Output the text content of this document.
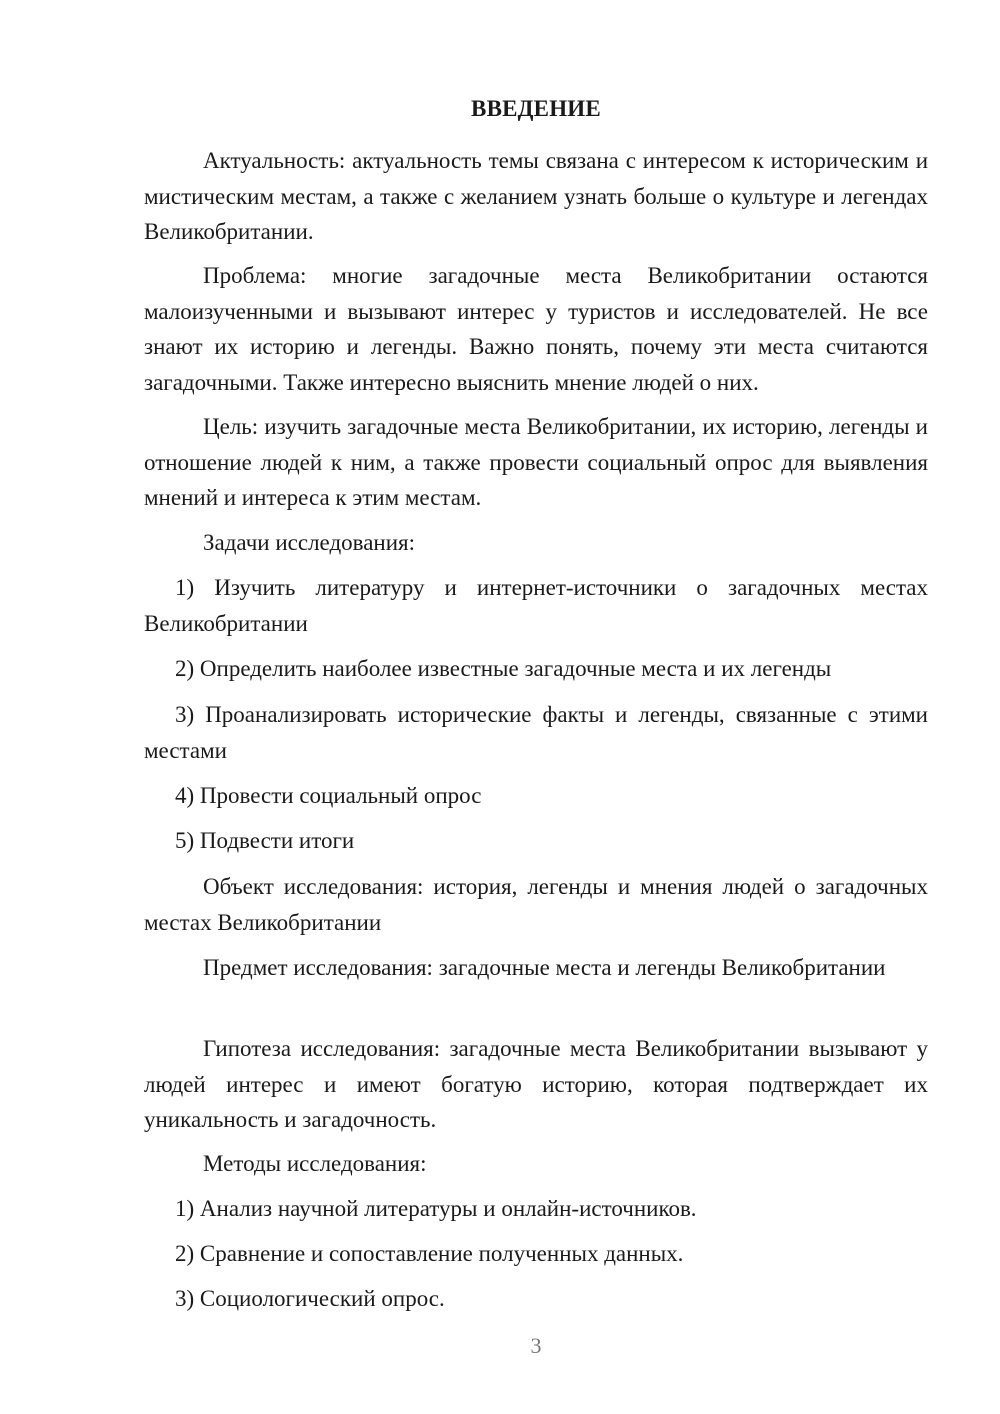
ВВЕДЕНИЕ

Актуальность: актуальность темы связана с интересом к историческим и мистическим местам, а также с желанием узнать больше о культуре и легендах Великобритании.

Проблема: многие загадочные места Великобритании остаются малоизученными и вызывают интерес у туристов и исследователей. Не все знают их историю и легенды. Важно понять, почему эти места считаются загадочными. Также интересно выяснить мнение людей о них.

Цель: изучить загадочные места Великобритании, их историю, легенды и отношение людей к ним, а также провести социальный опрос для выявления мнений и интереса к этим местам.

Задачи исследования:

1) Изучить литературу и интернет-источники о загадочных местах Великобритании

2) Определить наиболее известные загадочные места и их легенды

3) Проанализировать исторические факты и легенды, связанные с этими местами

4) Провести социальный опрос

5) Подвести итоги

Объект исследования: история, легенды и мнения людей о загадочных местах Великобритании

Предмет исследования: загадочные места и легенды Великобритании

Гипотеза исследования: загадочные места Великобритании вызывают у людей интерес и имеют богатую историю, которая подтверждает их уникальность и загадочность.

Методы исследования:

1) Анализ научной литературы и онлайн-источников.

2) Сравнение и сопоставление полученных данных.

3) Социологический опрос.

3
